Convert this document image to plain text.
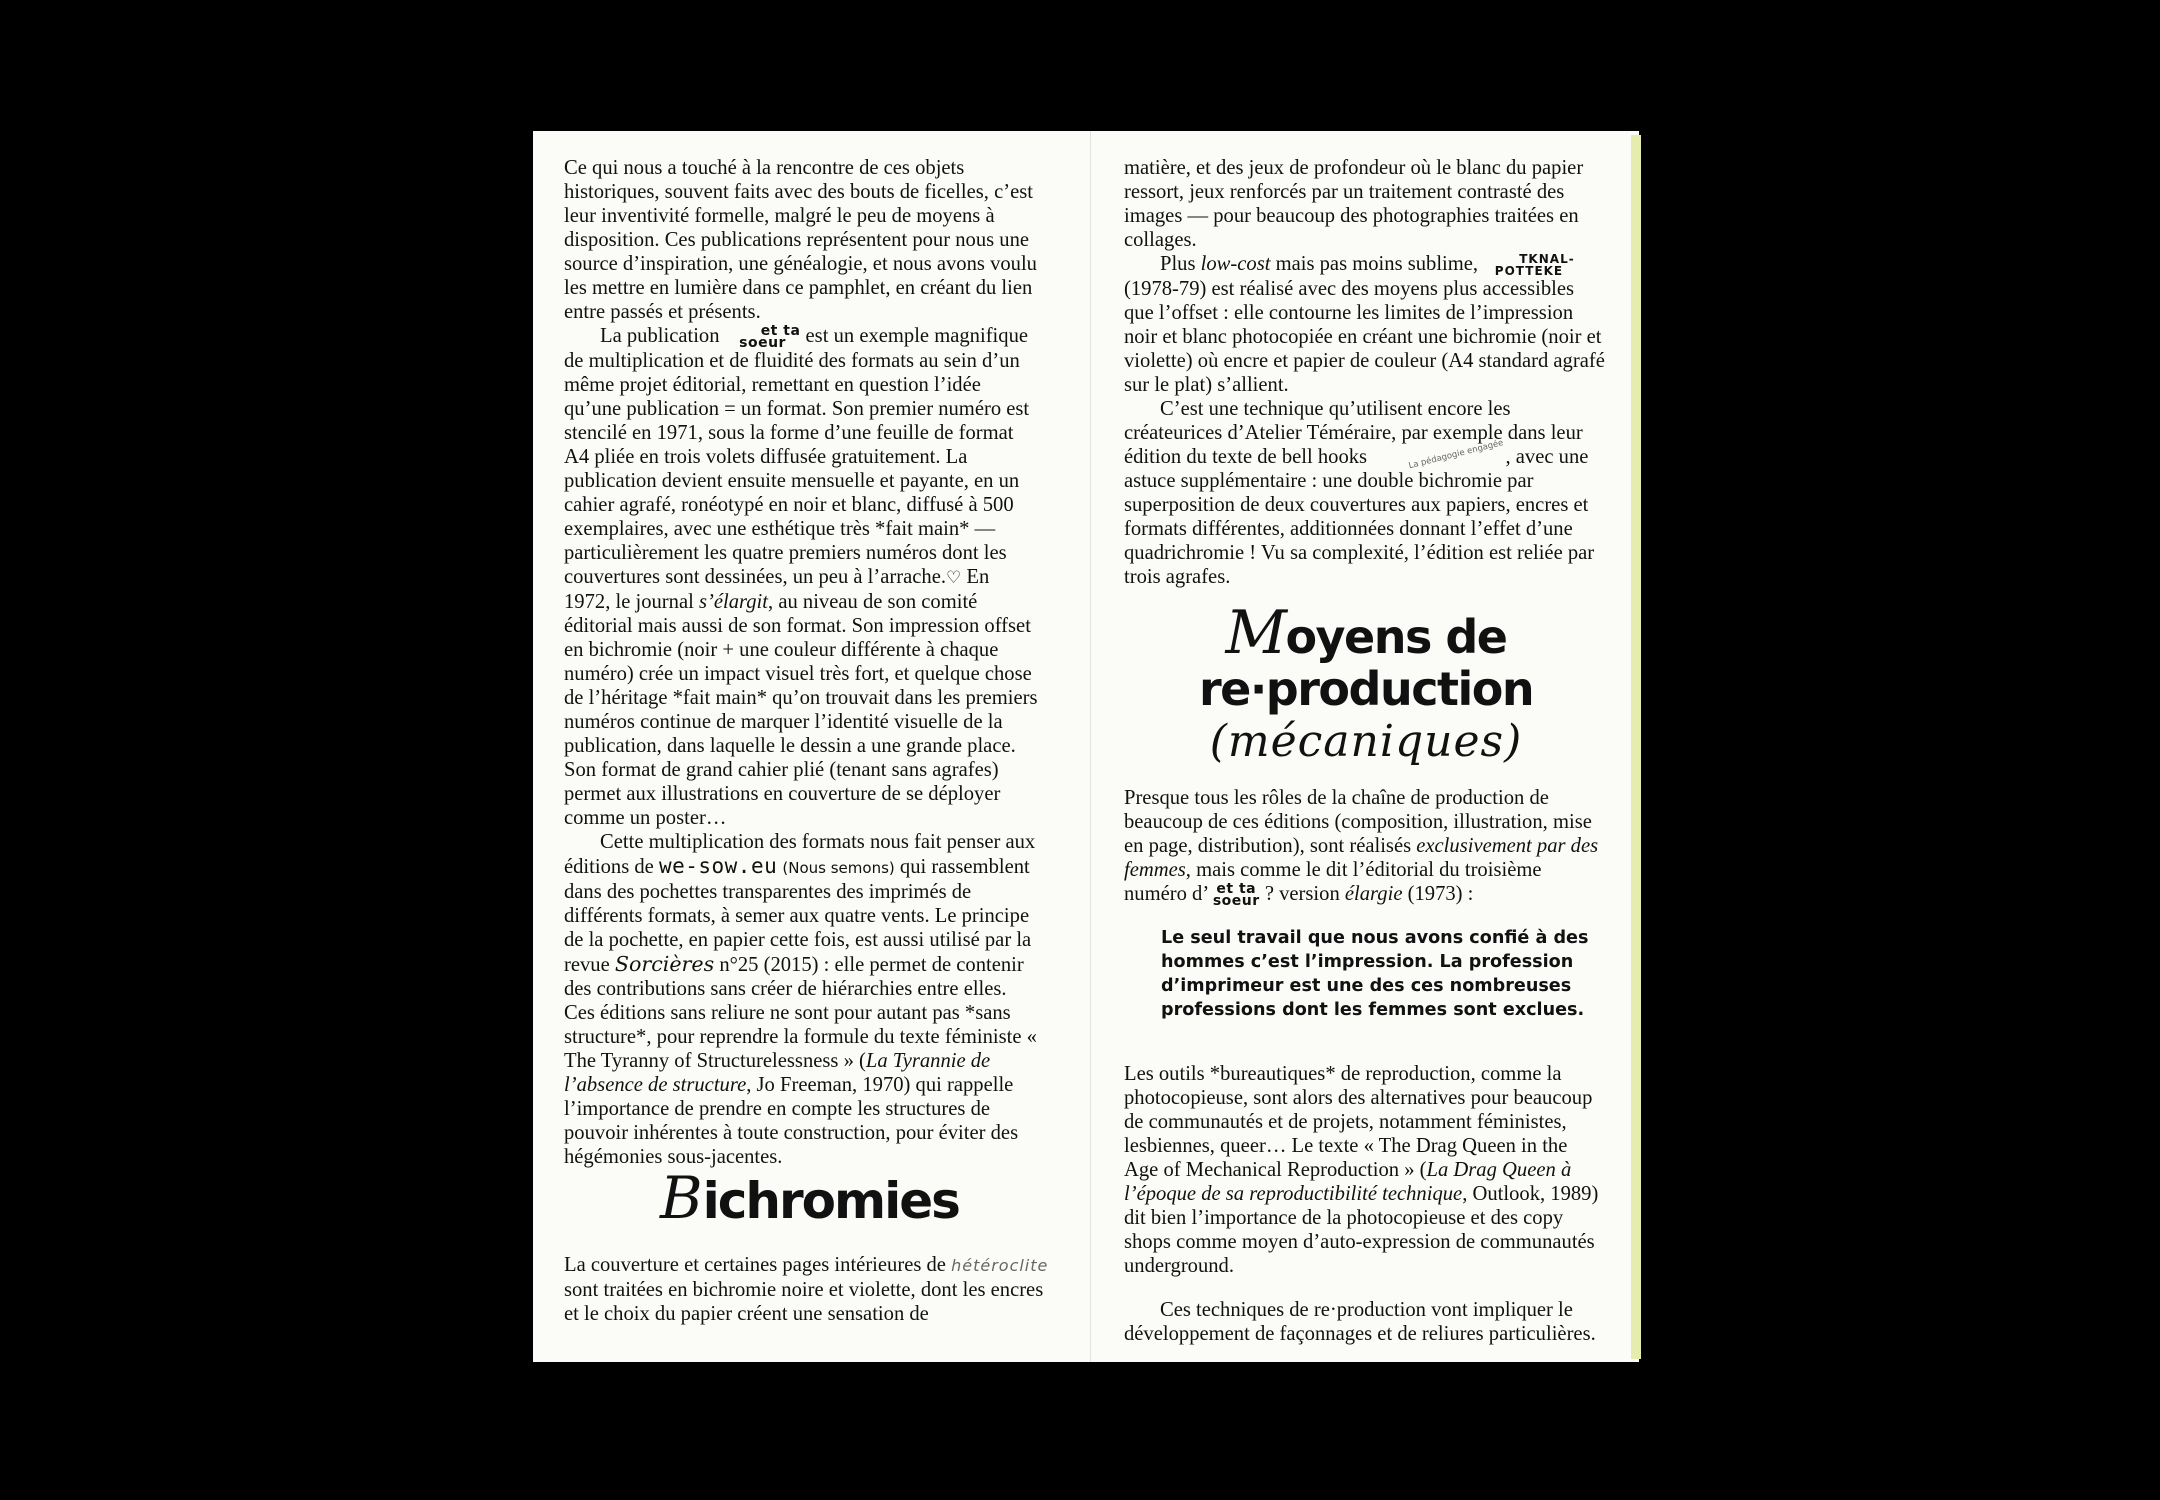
Ce qui nous a touché à la rencontre de ces objets historiques, souvent faits avec des bouts de ficelles, c’est leur inventivité formelle, malgré le peu de moyens à disposition. Ces publications représentent pour nous une source d’inspiration, une généalogie, et nous avons voulu les mettre en lumière dans ce pamphlet, en créant du lien entre passés et présents.

La publication	et ta
soeur est un exemple magnifique de multiplication et de fluidité des formats au sein d’un même projet éditorial, remettant en question l’idée qu’une publication = un format. Son premier numéro est stencilé en 1971, sous la forme d’une feuille de format A4 pliée en trois volets diffusée gratuitement. La publication devient ensuite mensuelle et payante, en un cahier agrafé, ronéotypé en noir et blanc, diffusé à 500 exemplaires, avec une esthétique très *fait main* — particulièrement les quatre premiers numéros dont les couvertures sont dessinées, un peu à l’arrache.♡ En 1972, le journal s’élargit, au niveau de son comité éditorial mais aussi de son format. Son impression offset en bichromie (noir + une couleur différente à chaque numéro) crée un impact visuel très fort, et quelque chose de l’héritage *fait main* qu’on trouvait dans les premiers numéros continue de marquer l’identité visuelle de la publication, dans laquelle le dessin a une grande place. Son format de grand cahier plié (tenant sans agrafes) permet aux illustrations en couverture de se déployer comme un poster…

Cette multiplication des formats nous fait penser aux éditions de we-sow.eu (Nous semons) qui rassemblent dans des pochettes transparentes des imprimés de différents formats, à semer aux quatre vents. Le principe de la pochette, en papier cette fois, est aussi utilisé par la revue Sorcières n°25 (2015) : elle permet de contenir des contributions sans créer de hiérarchies entre elles. Ces éditions sans reliure ne sont pour autant pas *sans structure*, pour reprendre la formule du texte féministe « The Tyranny of Structurelessness » (La Tyrannie de l’absence de structure, Jo Freeman, 1970) qui rappelle l’importance de prendre en compte les structures de pouvoir inhérentes à toute construction, pour éviter des hégémonies sous-jacentes.

Bichromies
La couverture et certaines pages intérieures de hétéroclite sont traitées en bichromie noire et violette, dont les encres et le choix du papier créent une sensation de

matière, et des jeux de profondeur où le blanc du papier ressort, jeux renforcés par un traitement contrasté des images — pour beaucoup des photographies traitées en collages.

Plus low-cost mais pas moins sublime,	TKNAL-
POTTEKE (1978-79) est réalisé avec des moyens plus accessibles que l’offset : elle contourne les limites de l’impression noir et blanc photocopiée en créant une bichromie (noir et violette) où encre et papier de couleur (A4 standard agrafé sur le plat) s’allient.

C’est une technique qu’utilisent encore les créateurices d’Atelier Téméraire, par exemple dans leur édition du texte de bell hooks	La pédagogie engagée, avec une astuce supplémentaire : une double bichromie par superposition de deux couvertures aux papiers, encres et formats différentes, additionnées donnant l’effet d’une quadrichromie ! Vu sa complexité, l’édition est reliée par trois agrafes.

Moyens de
re·production
(mécaniques)
Presque tous les rôles de la chaîne de production de beaucoup de ces éditions (composition, illustration, mise en page, distribution), sont réalisés exclusivement par des femmes, mais comme le dit l’éditorial du troisième numéro d’ et ta
soeur ? version élargie (1973) :
Le seul travail que nous avons confié à des hommes c’est l’impression. La profession d’imprimeur est une des ces nombreuses professions dont les femmes sont exclues.

Les outils *bureautiques* de reproduction, comme la photocopieuse, sont alors des alternatives pour beaucoup de communautés et de projets, notamment féministes, lesbiennes, queer… Le texte « The Drag Queen in the Age of Mechanical Reproduction » (La Drag Queen à l’époque de sa reproductibilité technique, Outlook, 1989) dit bien l’importance de la photocopieuse et des copy shops comme moyen d’auto-expression de communautés underground.

Ces techniques de re·production vont impliquer le développement de façonnages et de reliures particulières.
